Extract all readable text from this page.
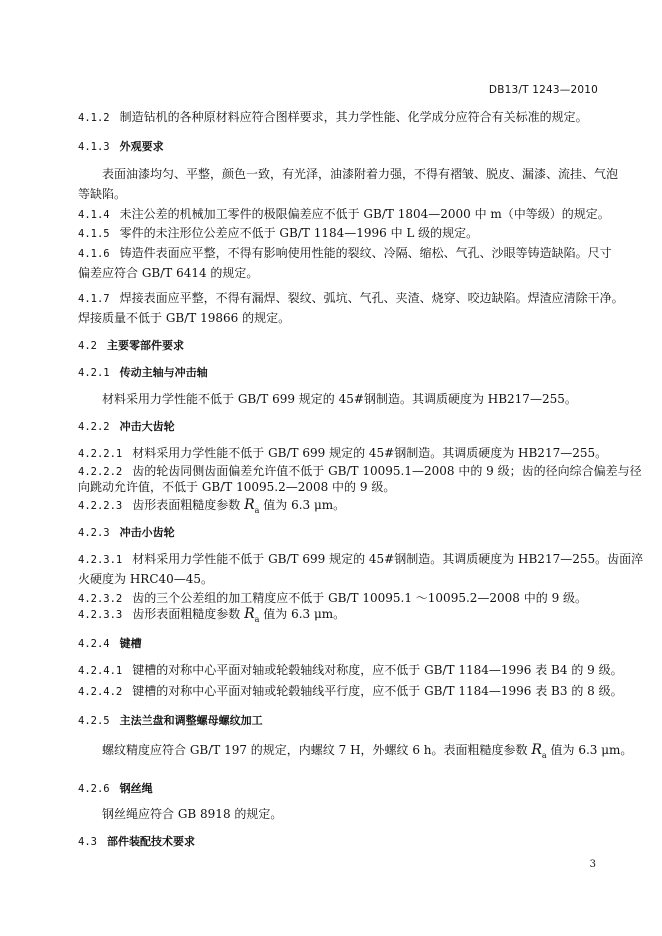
DB13/T 1243—2010
4.1.2 制造钻机的各种原材料应符合图样要求，其力学性能、化学成分应符合有关标准的规定。
4.1.3 外观要求
表面油漆均匀、平整，颜色一致，有光泽，油漆附着力强，不得有褶皱、脱皮、漏漆、流挂、气泡
等缺陷。
4.1.4 未注公差的机械加工零件的极限偏差应不低于 GB/T 1804—2000 中 m（中等级）的规定。
4.1.5 零件的未注形位公差应不低于 GB/T 1184—1996 中 L 级的规定。
4.1.6 铸造件表面应平整，不得有影响使用性能的裂纹、冷隔、缩松、气孔、沙眼等铸造缺陷。尺寸
偏差应符合 GB/T 6414 的规定。
4.1.7 焊接表面应平整，不得有漏焊、裂纹、弧坑、气孔、夹渣、烧穿、咬边缺陷。焊渣应清除干净。
焊接质量不低于 GB/T 19866 的规定。
4.2 主要零部件要求
4.2.1 传动主轴与冲击轴
材料采用力学性能不低于 GB/T 699 规定的 45#钢制造。其调质硬度为 HB217—255。
4.2.2 冲击大齿轮
4.2.2.1 材料采用力学性能不低于 GB/T 699 规定的 45#钢制造。其调质硬度为 HB217—255。
4.2.2.2 齿的轮齿同侧齿面偏差允许值不低于 GB/T 10095.1—2008 中的 9 级；齿的径向综合偏差与径
向跳动允许值，不低于 GB/T 10095.2—2008 中的 9 级。
4.2.2.3 齿形表面粗糙度参数 $R_a$ 值为 6.3 μm。
4.2.3 冲击小齿轮
4.2.3.1 材料采用力学性能不低于 GB/T 699 规定的 45#钢制造。其调质硬度为 HB217—255。齿面淬
火硬度为 HRC40—45。
4.2.3.2 齿的三个公差组的加工精度应不低于 GB/T 10095.1 ～10095.2—2008 中的 9 级。
4.2.3.3 齿形表面粗糙度参数 $R_a$ 值为 6.3 μm。
4.2.4 键槽
4.2.4.1 键槽的对称中心平面对轴或轮毂轴线对称度，应不低于 GB/T 1184—1996 表 B4 的 9 级。
4.2.4.2 键槽的对称中心平面对轴或轮毂轴线平行度，应不低于 GB/T 1184—1996 表 B3 的 8 级。
4.2.5 主法兰盘和调整螺母螺纹加工
螺纹精度应符合 GB/T 197 的规定，内螺纹 7 H，外螺纹 6 h。表面粗糙度参数 $R_a$ 值为 6.3 μm。
4.2.6 钢丝绳
钢丝绳应符合 GB 8918 的规定。
4.3 部件装配技术要求
3
